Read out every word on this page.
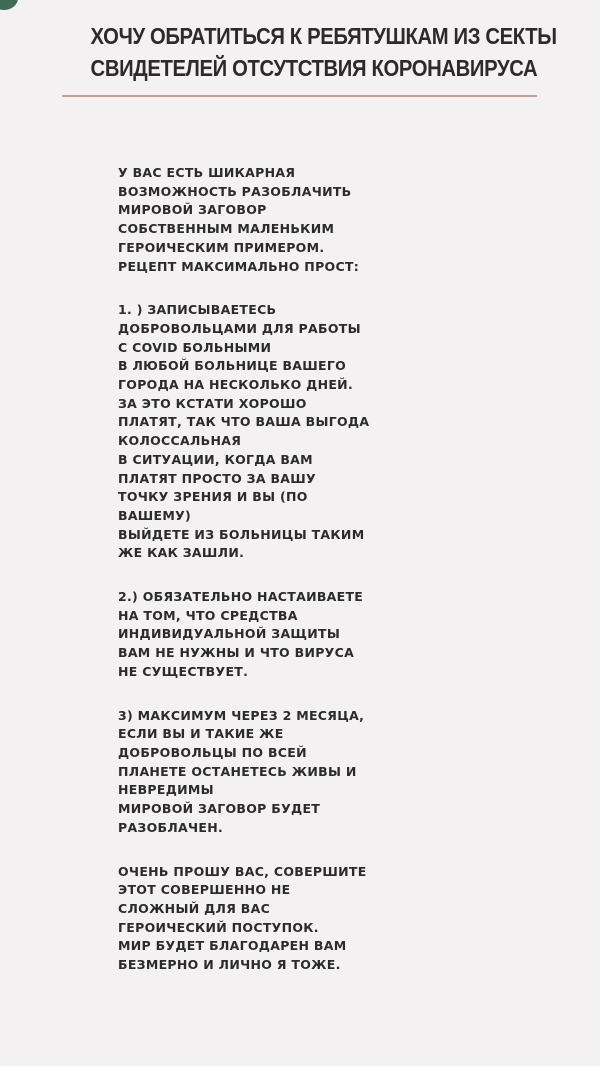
ХОЧУ ОБРАТИТЬСЯ К РЕБЯТУШКАМ ИЗ СЕКТЫ
СВИДЕТЕЛЕЙ ОТСУТСТВИЯ КОРОНАВИРУСА
У ВАС ЕСТЬ ШИКАРНАЯ
ВОЗМОЖНОСТЬ РАЗОБЛАЧИТЬ
МИРОВОЙ ЗАГОВОР
СОБСТВЕННЫМ МАЛЕНЬКИМ
ГЕРОИЧЕСКИМ ПРИМЕРОМ.
РЕЦЕПТ МАКСИМАЛЬНО ПРОСТ:
1. ) ЗАПИСЫВАЕТЕСЬ
ДОБРОВОЛЬЦАМИ ДЛЯ РАБОТЫ
С COVID БОЛЬНЫМИ
В ЛЮБОЙ БОЛЬНИЦЕ ВАШЕГО
ГОРОДА НА НЕСКОЛЬКО ДНЕЙ.
ЗА ЭТО КСТАТИ ХОРОШО
ПЛАТЯТ, ТАК ЧТО ВАША ВЫГОДА
КОЛОССАЛЬНАЯ
В СИТУАЦИИ, КОГДА ВАМ
ПЛАТЯТ ПРОСТО ЗА ВАШУ
ТОЧКУ ЗРЕНИЯ И ВЫ (ПО
ВАШЕМУ)
ВЫЙДЕТЕ ИЗ БОЛЬНИЦЫ ТАКИМ
ЖЕ КАК ЗАШЛИ.
2.) ОБЯЗАТЕЛЬНО НАСТАИВАЕТЕ
НА ТОМ, ЧТО СРЕДСТВА
ИНДИВИДУАЛЬНОЙ ЗАЩИТЫ
ВАМ НЕ НУЖНЫ И ЧТО ВИРУСА
НЕ СУЩЕСТВУЕТ.
3) МАКСИМУМ ЧЕРЕЗ 2 МЕСЯЦА,
ЕСЛИ ВЫ И ТАКИЕ ЖЕ
ДОБРОВОЛЬЦЫ ПО ВСЕЙ
ПЛАНЕТЕ ОСТАНЕТЕСЬ ЖИВЫ И
НЕВРЕДИМЫ
МИРОВОЙ ЗАГОВОР БУДЕТ
РАЗОБЛАЧЕН.
ОЧЕНЬ ПРОШУ ВАС, СОВЕРШИТЕ
ЭТОТ СОВЕРШЕННО НЕ
СЛОЖНЫЙ ДЛЯ ВАС
ГЕРОИЧЕСКИЙ ПОСТУПОК.
МИР БУДЕТ БЛАГОДАРЕН ВАМ
БЕЗМЕРНО И ЛИЧНО Я ТОЖЕ.
